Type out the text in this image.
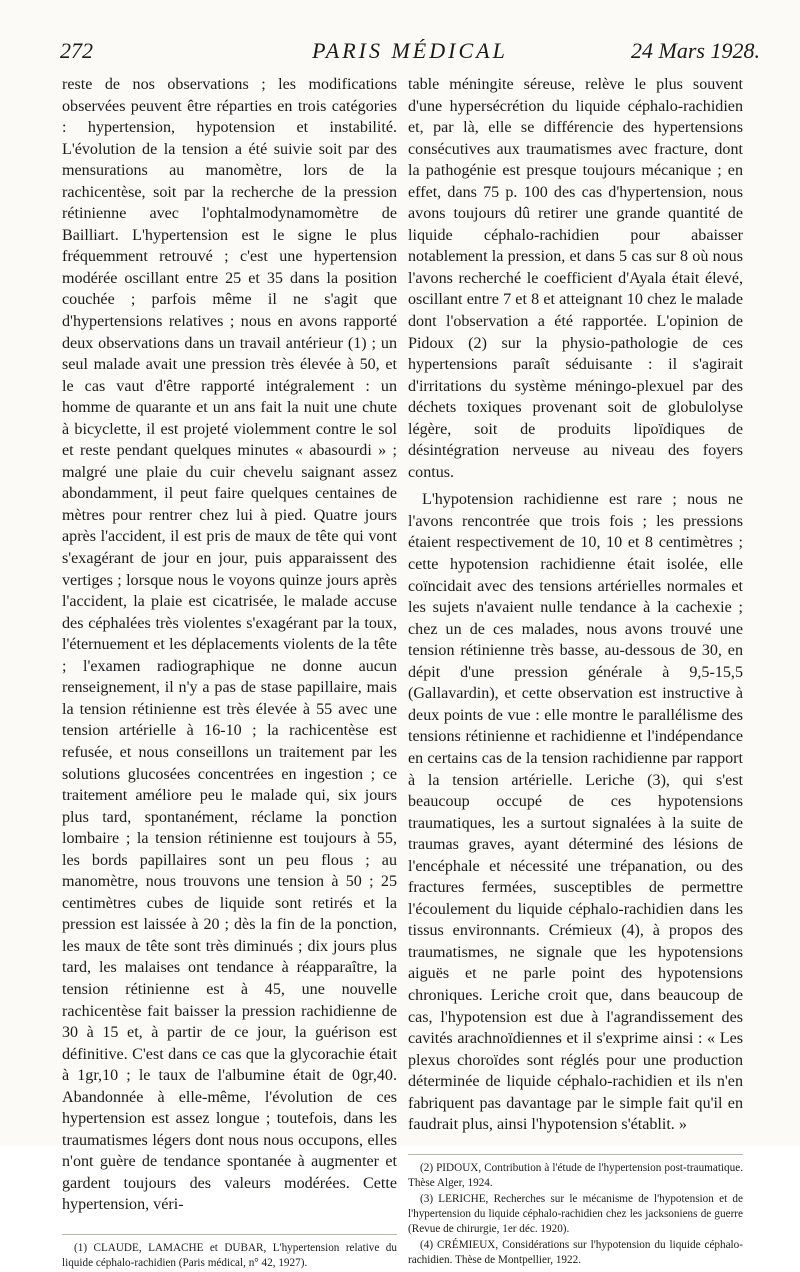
272	PARIS MÉDICAL	24 Mars 1928.

reste de nos observations ; les modifications observées peuvent être réparties en trois catégories : hypertension, hypotension et instabilité. L'évolution de la tension a été suivie soit par des mensurations au manomètre, lors de la rachicentèse, soit par la recherche de la pression rétinienne avec l'ophtalmodynamomètre de Bailliart. L'hypertension est le signe le plus fréquemment retrouvé ; c'est une hypertension modérée oscillant entre 25 et 35 dans la position couchée ; parfois même il ne s'agit que d'hypertensions relatives ; nous en avons rapporté deux observations dans un travail antérieur (1) ; un seul malade avait une pression très élevée à 50, et le cas vaut d'être rapporté intégralement : un homme de quarante et un ans fait la nuit une chute à bicyclette, il est projeté violemment contre le sol et reste pendant quelques minutes « abasourdi » ; malgré une plaie du cuir chevelu saignant assez abondamment, il peut faire quelques centaines de mètres pour rentrer chez lui à pied. Quatre jours après l'accident, il est pris de maux de tête qui vont s'exagérant de jour en jour, puis apparaissent des vertiges ; lorsque nous le voyons quinze jours après l'accident, la plaie est cicatrisée, le malade accuse des céphalées très violentes s'exagérant par la toux, l'éternuement et les déplacements violents de la tête ; l'examen radiographique ne donne aucun renseignement, il n'y a pas de stase papillaire, mais la tension rétinienne est très élevée à 55 avec une tension artérielle à 16-10 ; la rachicentèse est refusée, et nous conseillons un traitement par les solutions glucosées concentrées en ingestion ; ce traitement améliore peu le malade qui, six jours plus tard, spontanément, réclame la ponction lombaire ; la tension rétinienne est toujours à 55, les bords papillaires sont un peu flous ; au manomètre, nous trouvons une tension à 50 ; 25 centimètres cubes de liquide sont retirés et la pression est laissée à 20 ; dès la fin de la ponction, les maux de tête sont très diminués ; dix jours plus tard, les malaises ont tendance à réapparaître, la tension rétinienne est à 45, une nouvelle rachicentèse fait baisser la pression rachidienne de 30 à 15 et, à partir de ce jour, la guérison est définitive. C'est dans ce cas que la glycorachie était à 1gr,10 ; le taux de l'albumine était de 0gr,40. Abandonnée à elle-même, l'évolution de ces hypertension est assez longue ; toutefois, dans les traumatismes légers dont nous nous occupons, elles n'ont guère de tendance spontanée à augmenter et gardent toujours des valeurs modérées. Cette hypertension, véri-

(1) CLAUDE, LAMACHE et DUBAR, L'hypertension relative du liquide céphalo-rachidien (Paris médical, n° 42, 1927).

table méningite séreuse, relève le plus souvent d'une hypersécrétion du liquide céphalo-rachidien et, par là, elle se différencie des hypertensions consécutives aux traumatismes avec fracture, dont la pathogénie est presque toujours mécanique ; en effet, dans 75 p. 100 des cas d'hypertension, nous avons toujours dû retirer une grande quantité de liquide céphalo-rachidien pour abaisser notablement la pression, et dans 5 cas sur 8 où nous l'avons recherché le coefficient d'Ayala était élevé, oscillant entre 7 et 8 et atteignant 10 chez le malade dont l'observation a été rapportée. L'opinion de Pidoux (2) sur la physio-pathologie de ces hypertensions paraît séduisante : il s'agirait d'irritations du système méningo-plexuel par des déchets toxiques provenant soit de globulolyse légère, soit de produits lipoïdiques de désintégration nerveuse au niveau des foyers contus.

L'hypotension rachidienne est rare ; nous ne l'avons rencontrée que trois fois ; les pressions étaient respectivement de 10, 10 et 8 centimètres ; cette hypotension rachidienne était isolée, elle coïncidait avec des tensions artérielles normales et les sujets n'avaient nulle tendance à la cachexie ; chez un de ces malades, nous avons trouvé une tension rétinienne très basse, au-dessous de 30, en dépit d'une pression générale à 9,5-15,5 (Gallavardin), et cette observation est instructive à deux points de vue : elle montre le parallélisme des tensions rétinienne et rachidienne et l'indépendance en certains cas de la tension rachidienne par rapport à la tension artérielle. Leriche (3), qui s'est beaucoup occupé de ces hypotensions traumatiques, les a surtout signalées à la suite de traumas graves, ayant déterminé des lésions de l'encéphale et nécessité une trépanation, ou des fractures fermées, susceptibles de permettre l'écoulement du liquide céphalo-rachidien dans les tissus environnants. Crémieux (4), à propos des traumatismes, ne signale que les hypotensions aiguës et ne parle point des hypotensions chroniques. Leriche croit que, dans beaucoup de cas, l'hypotension est due à l'agrandissement des cavités arachnoïdiennes et il s'exprime ainsi : « Les plexus choroïdes sont réglés pour une production déterminée de liquide céphalo-rachidien et ils n'en fabriquent pas davantage par le simple fait qu'il en faudrait plus, ainsi l'hypotension s'établit. »

(2) PIDOUX, Contribution à l'étude de l'hypertension post-traumatique. Thèse Alger, 1924.

(3) LERICHE, Recherches sur le mécanisme de l'hypotension et de l'hypertension du liquide céphalo-rachidien chez les jacksoniens de guerre (Revue de chirurgie, 1er déc. 1920).

(4) CRÉMIEUX, Considérations sur l'hypotension du liquide céphalo-rachidien. Thèse de Montpellier, 1922.
